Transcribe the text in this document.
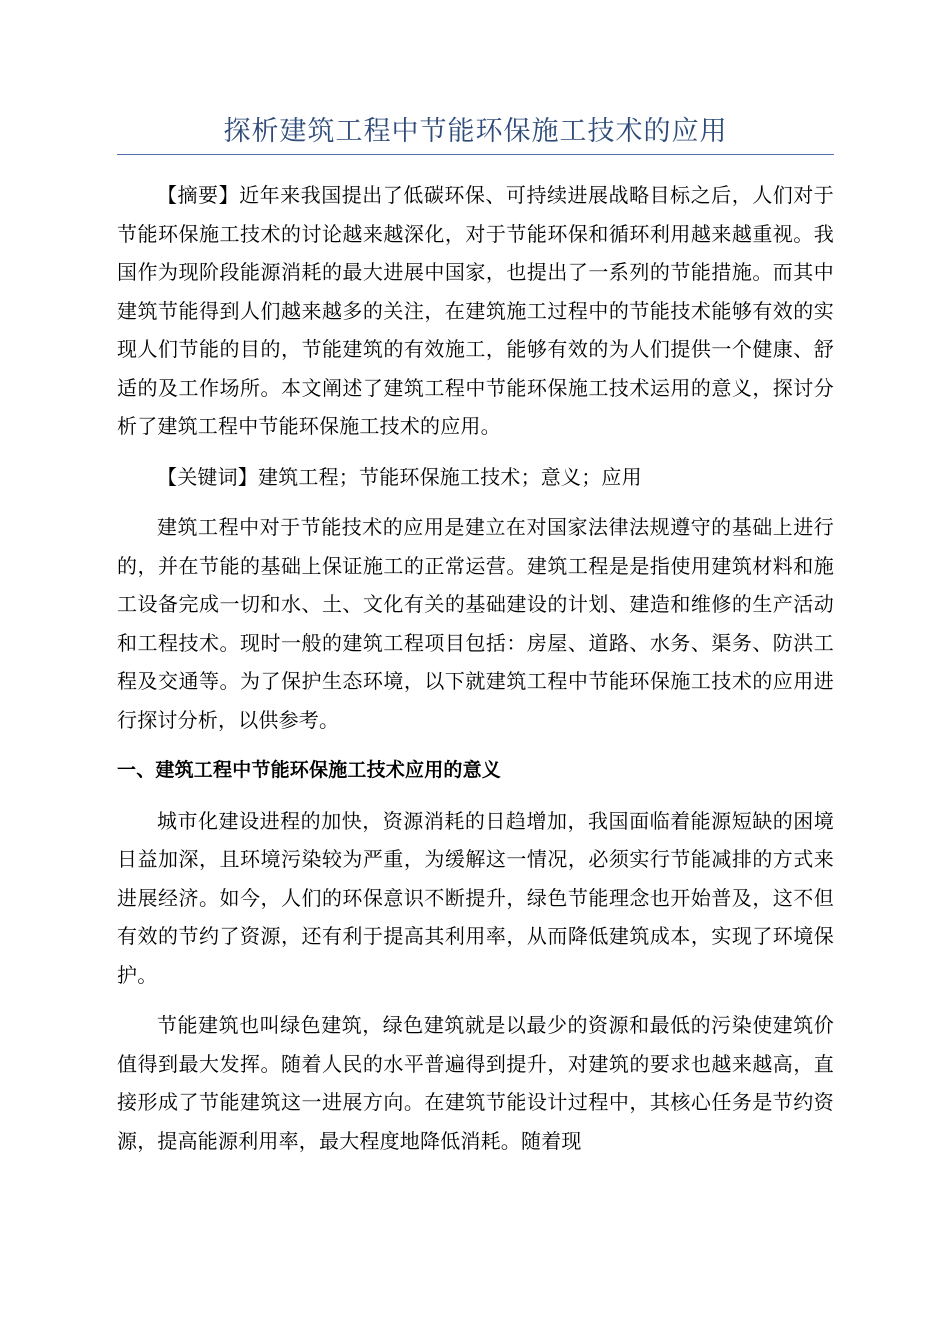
探析建筑工程中节能环保施工技术的应用

【摘要】近年来我国提出了低碳环保、可持续进展战略目标之后，人们对于节能环保施工技术的讨论越来越深化，对于节能环保和循环利用越来越重视。我国作为现阶段能源消耗的最大进展中国家，也提出了一系列的节能措施。而其中建筑节能得到人们越来越多的关注，在建筑施工过程中的节能技术能够有效的实现人们节能的目的，节能建筑的有效施工，能够有效的为人们提供一个健康、舒适的及工作场所。本文阐述了建筑工程中节能环保施工技术运用的意义，探讨分析了建筑工程中节能环保施工技术的应用。

【关键词】建筑工程；节能环保施工技术；意义；应用

建筑工程中对于节能技术的应用是建立在对国家法律法规遵守的基础上进行的，并在节能的基础上保证施工的正常运营。建筑工程是是指使用建筑材料和施工设备完成一切和水、土、文化有关的基础建设的计划、建造和维修的生产活动和工程技术。现时一般的建筑工程项目包括：房屋、道路、水务、渠务、防洪工程及交通等。为了保护生态环境，以下就建筑工程中节能环保施工技术的应用进行探讨分析，以供参考。

一、建筑工程中节能环保施工技术应用的意义

城市化建设进程的加快，资源消耗的日趋增加，我国面临着能源短缺的困境日益加深，且环境污染较为严重，为缓解这一情况，必须实行节能减排的方式来进展经济。如今，人们的环保意识不断提升，绿色节能理念也开始普及，这不但有效的节约了资源，还有利于提高其利用率，从而降低建筑成本，实现了环境保护。

节能建筑也叫绿色建筑，绿色建筑就是以最少的资源和最低的污染使建筑价值得到最大发挥。随着人民的水平普遍得到提升，对建筑的要求也越来越高，直接形成了节能建筑这一进展方向。在建筑节能设计过程中，其核心任务是节约资源，提高能源利用率，最大程度地降低消耗。随着现
